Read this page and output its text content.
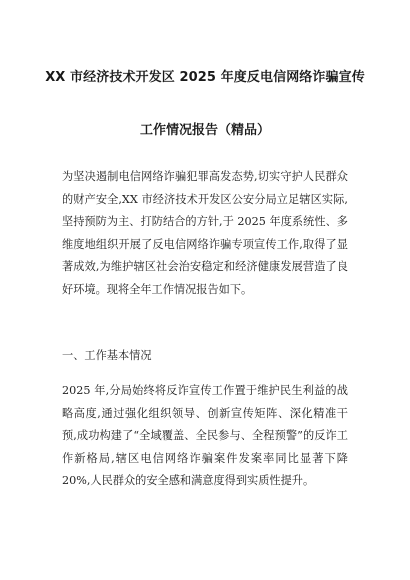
XX 市经济技术开发区 2025 年度反电信网络诈骗宣传
工作情况报告（精品）
为坚决遏制电信网络诈骗犯罪高发态势,切实守护人民群众的财产安全,XX 市经济技术开发区公安分局立足辖区实际,坚持预防为主、打防结合的方针,于 2025 年度系统性、多维度地组织开展了反电信网络诈骗专项宣传工作,取得了显著成效,为维护辖区社会治安稳定和经济健康发展营造了良好环境。现将全年工作情况报告如下。
一、工作基本情况
2025 年,分局始终将反诈宣传工作置于维护民生利益的战略高度,通过强化组织领导、创新宣传矩阵、深化精准干预,成功构建了“全域覆盖、全民参与、全程预警”的反诈工作新格局,辖区电信网络诈骗案件发案率同比显著下降 20%,人民群众的安全感和满意度得到实质性提升。
